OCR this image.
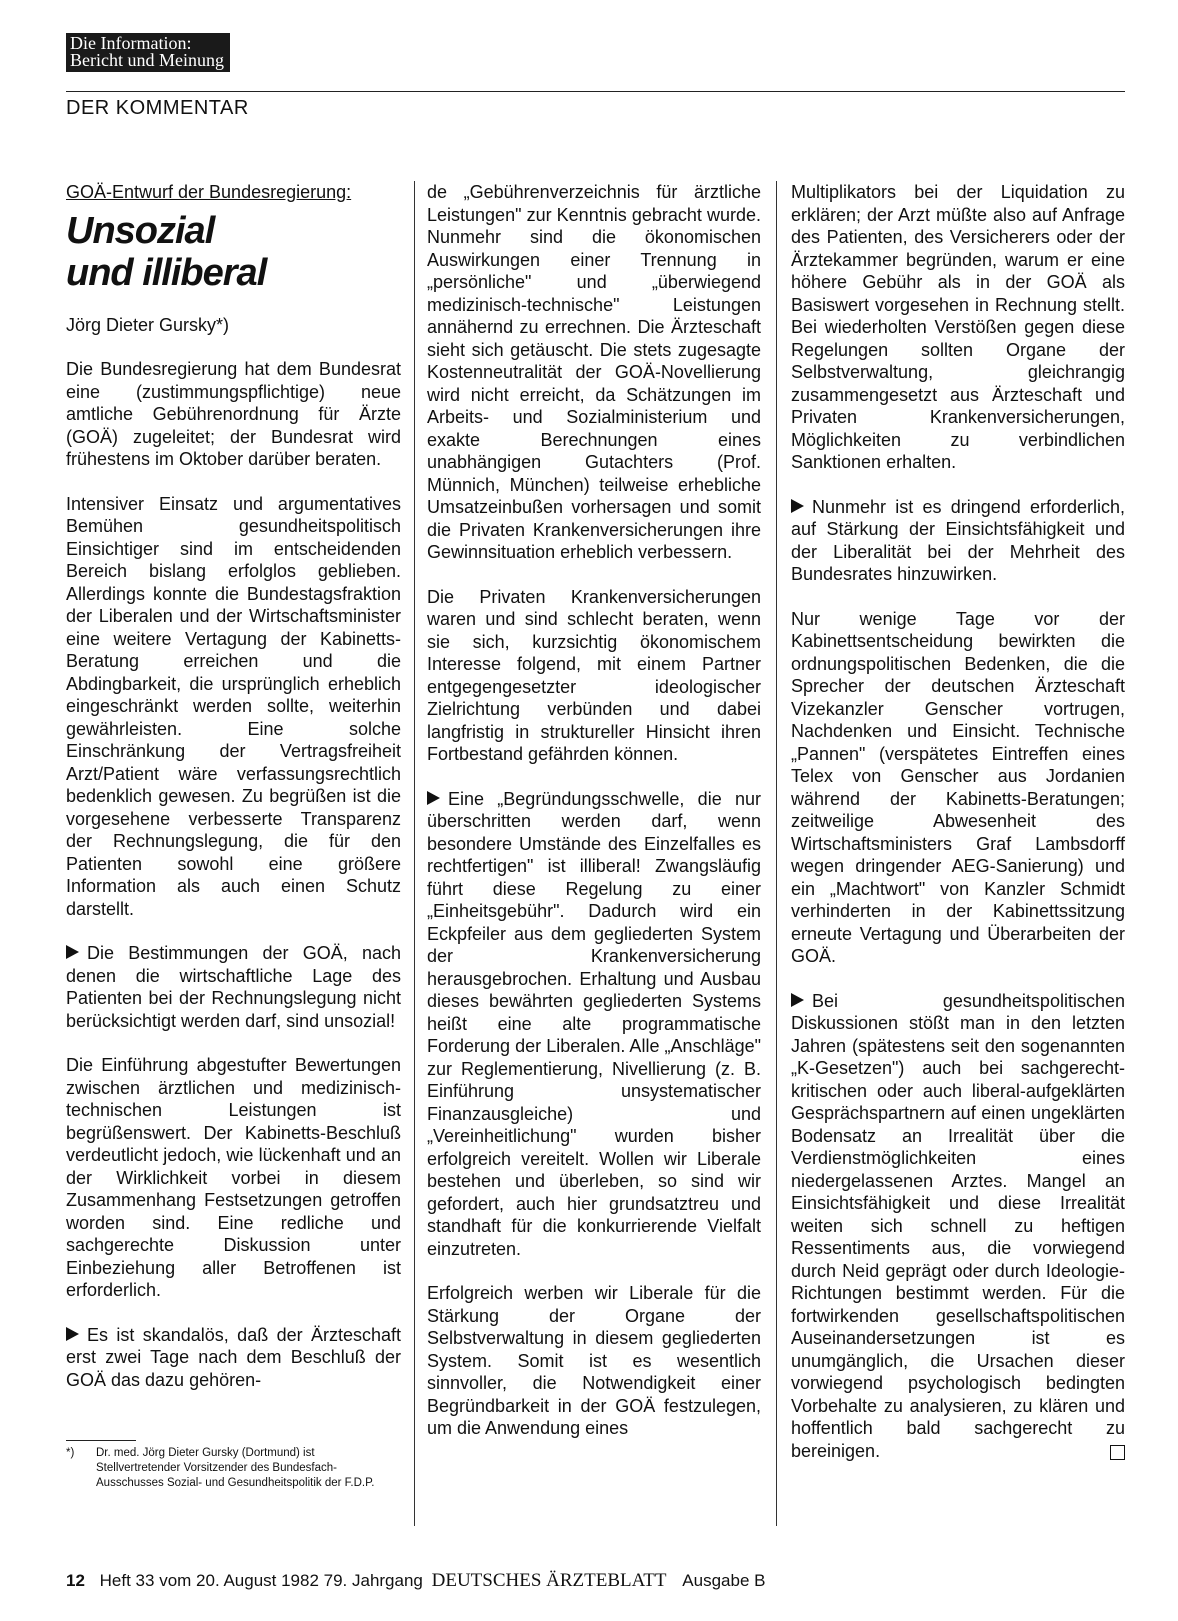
Die Information:
Bericht und Meinung
DER KOMMENTAR
GOÄ-Entwurf der Bundesregierung:
Unsozial
und illiberal

Jörg Dieter Gursky*)

Die Bundesregierung hat dem Bundesrat eine (zustimmungspflichtige) neue amtliche Gebührenordnung für Ärzte (GOÄ) zugeleitet; der Bundesrat wird frühestens im Oktober darüber beraten.

Intensiver Einsatz und argumentatives Bemühen gesundheitspolitisch Einsichtiger sind im entscheidenden Bereich bislang erfolglos geblieben. Allerdings konnte die Bundestagsfraktion der Liberalen und der Wirtschaftsminister eine weitere Vertagung der Kabinetts-Beratung erreichen und die Abdingbarkeit, die ursprünglich erheblich eingeschränkt werden sollte, weiterhin gewährleisten. Eine solche Einschränkung der Vertragsfreiheit Arzt/Patient wäre verfassungsrechtlich bedenklich gewesen. Zu begrüßen ist die vorgesehene verbesserte Transparenz der Rechnungslegung, die für den Patienten sowohl eine größere Information als auch einen Schutz darstellt.

Die Bestimmungen der GOÄ, nach denen die wirtschaftliche Lage des Patienten bei der Rechnungslegung nicht berücksichtigt werden darf, sind unsozial!

Die Einführung abgestufter Bewertungen zwischen ärztlichen und medizinisch-technischen Leistungen ist begrüßenswert. Der Kabinetts-Beschluß verdeutlicht jedoch, wie lückenhaft und an der Wirklichkeit vorbei in diesem Zusammenhang Festsetzungen getroffen worden sind. Eine redliche und sachgerechte Diskussion unter Einbeziehung aller Betroffenen ist erforderlich.

Es ist skandalös, daß der Ärzteschaft erst zwei Tage nach dem Beschluß der GOÄ das dazu gehören-

de „Gebührenverzeichnis für ärztliche Leistungen" zur Kenntnis gebracht wurde. Nunmehr sind die ökonomischen Auswirkungen einer Trennung in „persönliche" und „überwiegend medizinisch-technische" Leistungen annähernd zu errechnen. Die Ärzteschaft sieht sich getäuscht. Die stets zugesagte Kostenneutralität der GOÄ-Novellierung wird nicht erreicht, da Schätzungen im Arbeits- und Sozialministerium und exakte Berechnungen eines unabhängigen Gutachters (Prof. Münnich, München) teilweise erhebliche Umsatzeinbußen vorhersagen und somit die Privaten Krankenversicherungen ihre Gewinnsituation erheblich verbessern.

Die Privaten Krankenversicherungen waren und sind schlecht beraten, wenn sie sich, kurzsichtig ökonomischem Interesse folgend, mit einem Partner entgegengesetzter ideologischer Zielrichtung verbünden und dabei langfristig in struktureller Hinsicht ihren Fortbestand gefährden können.

Eine „Begründungsschwelle, die nur überschritten werden darf, wenn besondere Umstände des Einzelfalles es rechtfertigen" ist illiberal! Zwangsläufig führt diese Regelung zu einer „Einheitsgebühr". Dadurch wird ein Eckpfeiler aus dem gegliederten System der Krankenversicherung herausgebrochen. Erhaltung und Ausbau dieses bewährten gegliederten Systems heißt eine alte programmatische Forderung der Liberalen. Alle „Anschläge" zur Reglementierung, Nivellierung (z. B. Einführung unsystematischer Finanzausgleiche) und „Vereinheitlichung" wurden bisher erfolgreich vereitelt. Wollen wir Liberale bestehen und überleben, so sind wir gefordert, auch hier grundsatztreu und standhaft für die konkurrierende Vielfalt einzutreten.

Erfolgreich werben wir Liberale für die Stärkung der Organe der Selbstverwaltung in diesem gegliederten System. Somit ist es wesentlich sinnvoller, die Notwendigkeit einer Begründbarkeit in der GOÄ festzulegen, um die Anwendung eines

Multiplikators bei der Liquidation zu erklären; der Arzt müßte also auf Anfrage des Patienten, des Versicherers oder der Ärztekammer begründen, warum er eine höhere Gebühr als in der GOÄ als Basiswert vorgesehen in Rechnung stellt. Bei wiederholten Verstößen gegen diese Regelungen sollten Organe der Selbstverwaltung, gleichrangig zusammengesetzt aus Ärzteschaft und Privaten Krankenversicherungen, Möglichkeiten zu verbindlichen Sanktionen erhalten.

Nunmehr ist es dringend erforderlich, auf Stärkung der Einsichtsfähigkeit und der Liberalität bei der Mehrheit des Bundesrates hinzuwirken.

Nur wenige Tage vor der Kabinettsentscheidung bewirkten die ordnungspolitischen Bedenken, die die Sprecher der deutschen Ärzteschaft Vizekanzler Genscher vortrugen, Nachdenken und Einsicht. Technische „Pannen" (verspätetes Eintreffen eines Telex von Genscher aus Jordanien während der Kabinetts-Beratungen; zeitweilige Abwesenheit des Wirtschaftsministers Graf Lambsdorff wegen dringender AEG-Sanierung) und ein „Machtwort" von Kanzler Schmidt verhinderten in der Kabinettssitzung erneute Vertagung und Überarbeiten der GOÄ.

Bei gesundheitspolitischen Diskussionen stößt man in den letzten Jahren (spätestens seit den sogenannten „K-Gesetzen") auch bei sachgerecht-kritischen oder auch liberal-aufgeklärten Gesprächspartnern auf einen ungeklärten Bodensatz an Irrealität über die Verdienstmöglichkeiten eines niedergelassenen Arztes. Mangel an Einsichtsfähigkeit und diese Irrealität weiten sich schnell zu heftigen Ressentiments aus, die vorwiegend durch Neid geprägt oder durch Ideologie-Richtungen bestimmt werden. Für die fortwirkenden gesellschaftspolitischen Auseinandersetzungen ist es unumgänglich, die Ursachen dieser vorwiegend psychologisch bedingten Vorbehalte zu analysieren, zu klären und hoffentlich bald sachgerecht zu bereinigen.

*) Dr. med. Jörg Dieter Gursky (Dortmund) ist Stellvertretender Vorsitzender des Bundesfach-Ausschusses Sozial- und Gesundheitspolitik der F.D.P.
12 Heft 33 vom 20. August 1982 79. Jahrgang DEUTSCHES ÄRZTEBLATT Ausgabe B
